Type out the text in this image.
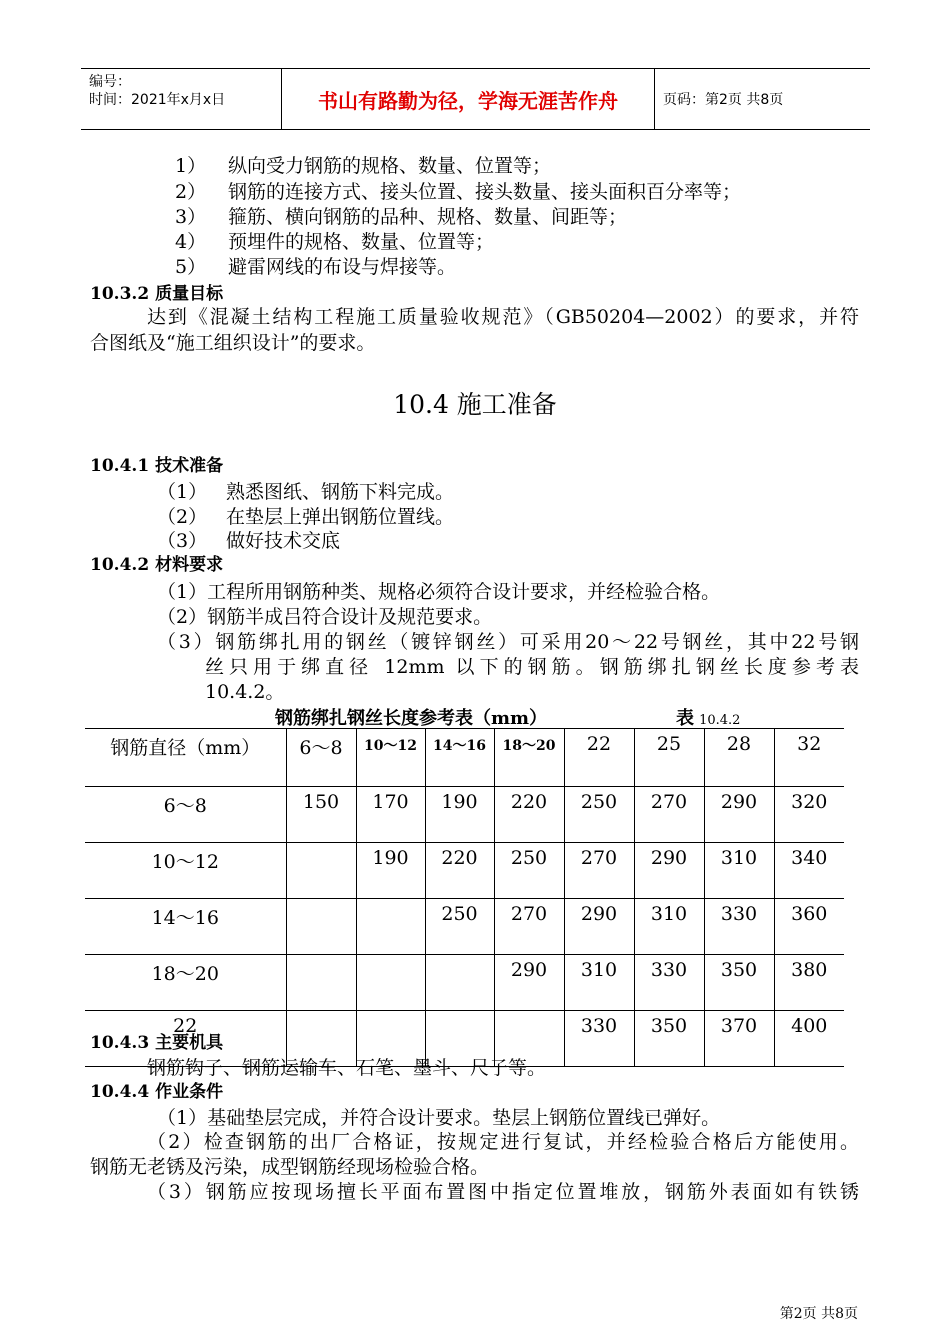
编号：
时间：2021年x月x日	书山有路勤为径，学海无涯苦作舟	页码：第2页 共8页
1） 纵向受力钢筋的规格、数量、位置等；
2） 钢筋的连接方式、接头位置、接头数量、接头面积百分率等；
3） 箍筋、横向钢筋的品种、规格、数量、间距等；
4） 预埋件的规格、数量、位置等；
5） 避雷网线的布设与焊接等。
10.3.2 质量目标
达到《混凝土结构工程施工质量验收规范》（GB50204—2002）的要求，并符
合图纸及“施工组织设计”的要求。
10.4 施工准备
10.4.1 技术准备
（1） 熟悉图纸、钢筋下料完成。
（2） 在垫层上弹出钢筋位置线。
（3） 做好技术交底
10.4.2 材料要求
（1）工程所用钢筋种类、规格必须符合设计要求，并经检验合格。
（2）钢筋半成吕符合设计及规范要求。
（3）钢筋绑扎用的钢丝（镀锌钢丝）可采用20～22号钢丝，其中22号钢
丝只用于绑直径 12mm 以下的钢筋。钢筋绑扎钢丝长度参考表
10.4.2。
钢筋绑扎钢丝长度参考表（mm）	表 10.4.2
钢筋直径（mm）	6～8	10～12	14～16	18～20	22	25	28	32
6～8	150	170	190	220	250	270	290	320
10～12		190	220	250	270	290	310	340
14～16			250	270	290	310	330	360
18～20				290	310	330	350	380
22					330	350	370	400
10.4.3 主要机具
钢筋钩子、钢筋运输车、石笔、墨斗、尺子等。
10.4.4 作业条件
（1）基础垫层完成，并符合设计要求。垫层上钢筋位置线已弹好。
（2）检查钢筋的出厂合格证，按规定进行复试，并经检验合格后方能使用。
钢筋无老锈及污染，成型钢筋经现场检验合格。
（3）钢筋应按现场擅长平面布置图中指定位置堆放，钢筋外表面如有铁锈
第2页 共8页
